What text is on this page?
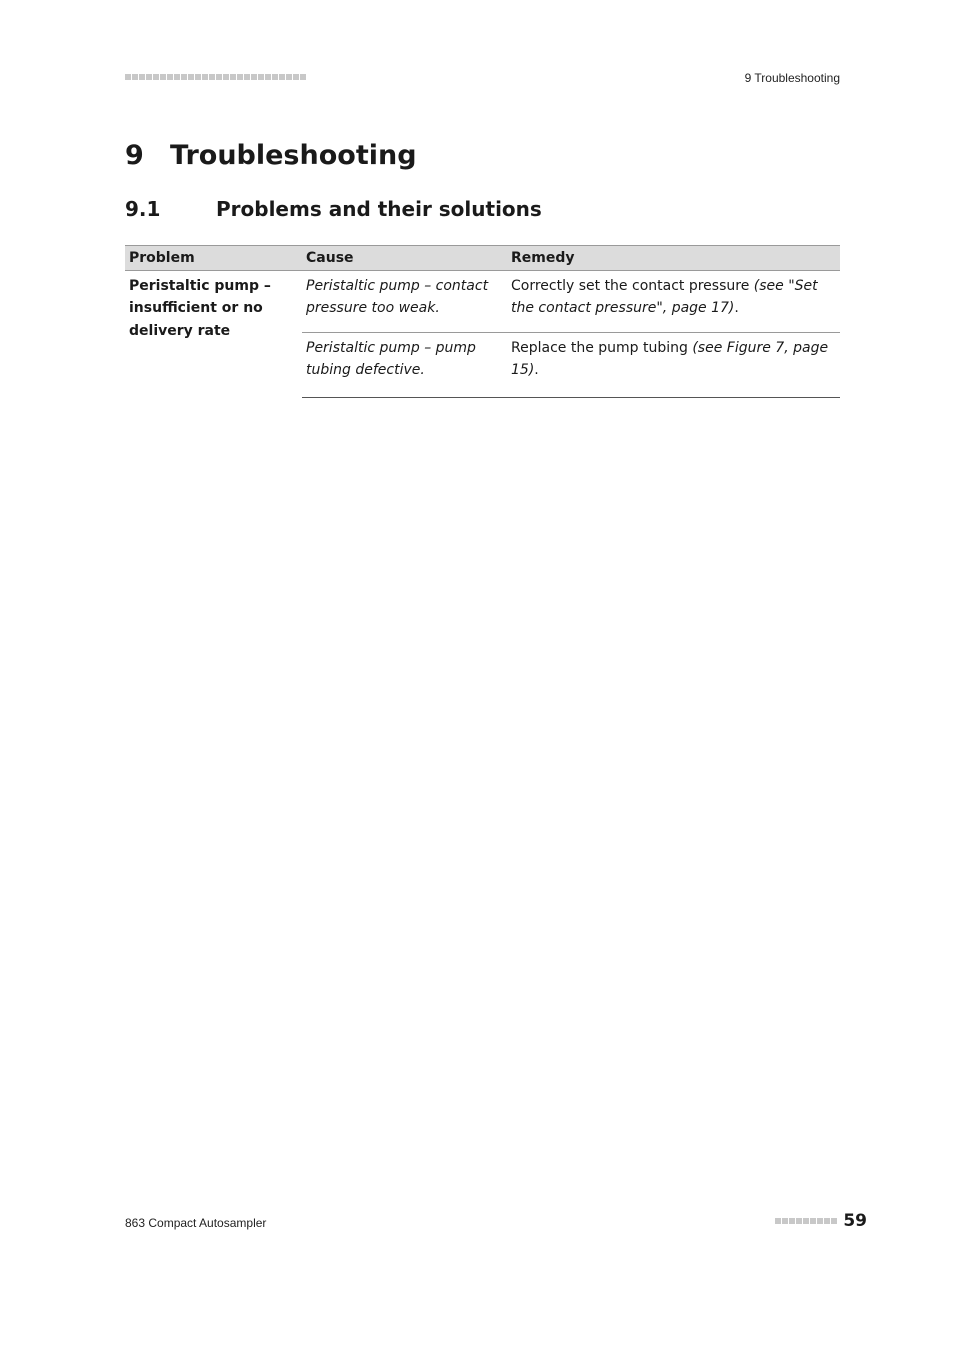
9 Troubleshooting
9 Troubleshooting
9.1	Problems and their solutions
Problem	Cause	Remedy
Peristaltic pump – insufficient or no delivery rate	Peristaltic pump – contact pressure too weak.	Correctly set the contact pressure (see "Set the contact pressure", page 17).
	Peristaltic pump – pump tubing defective.	Replace the pump tubing (see Figure 7, page 15).
863 Compact Autosampler	59
